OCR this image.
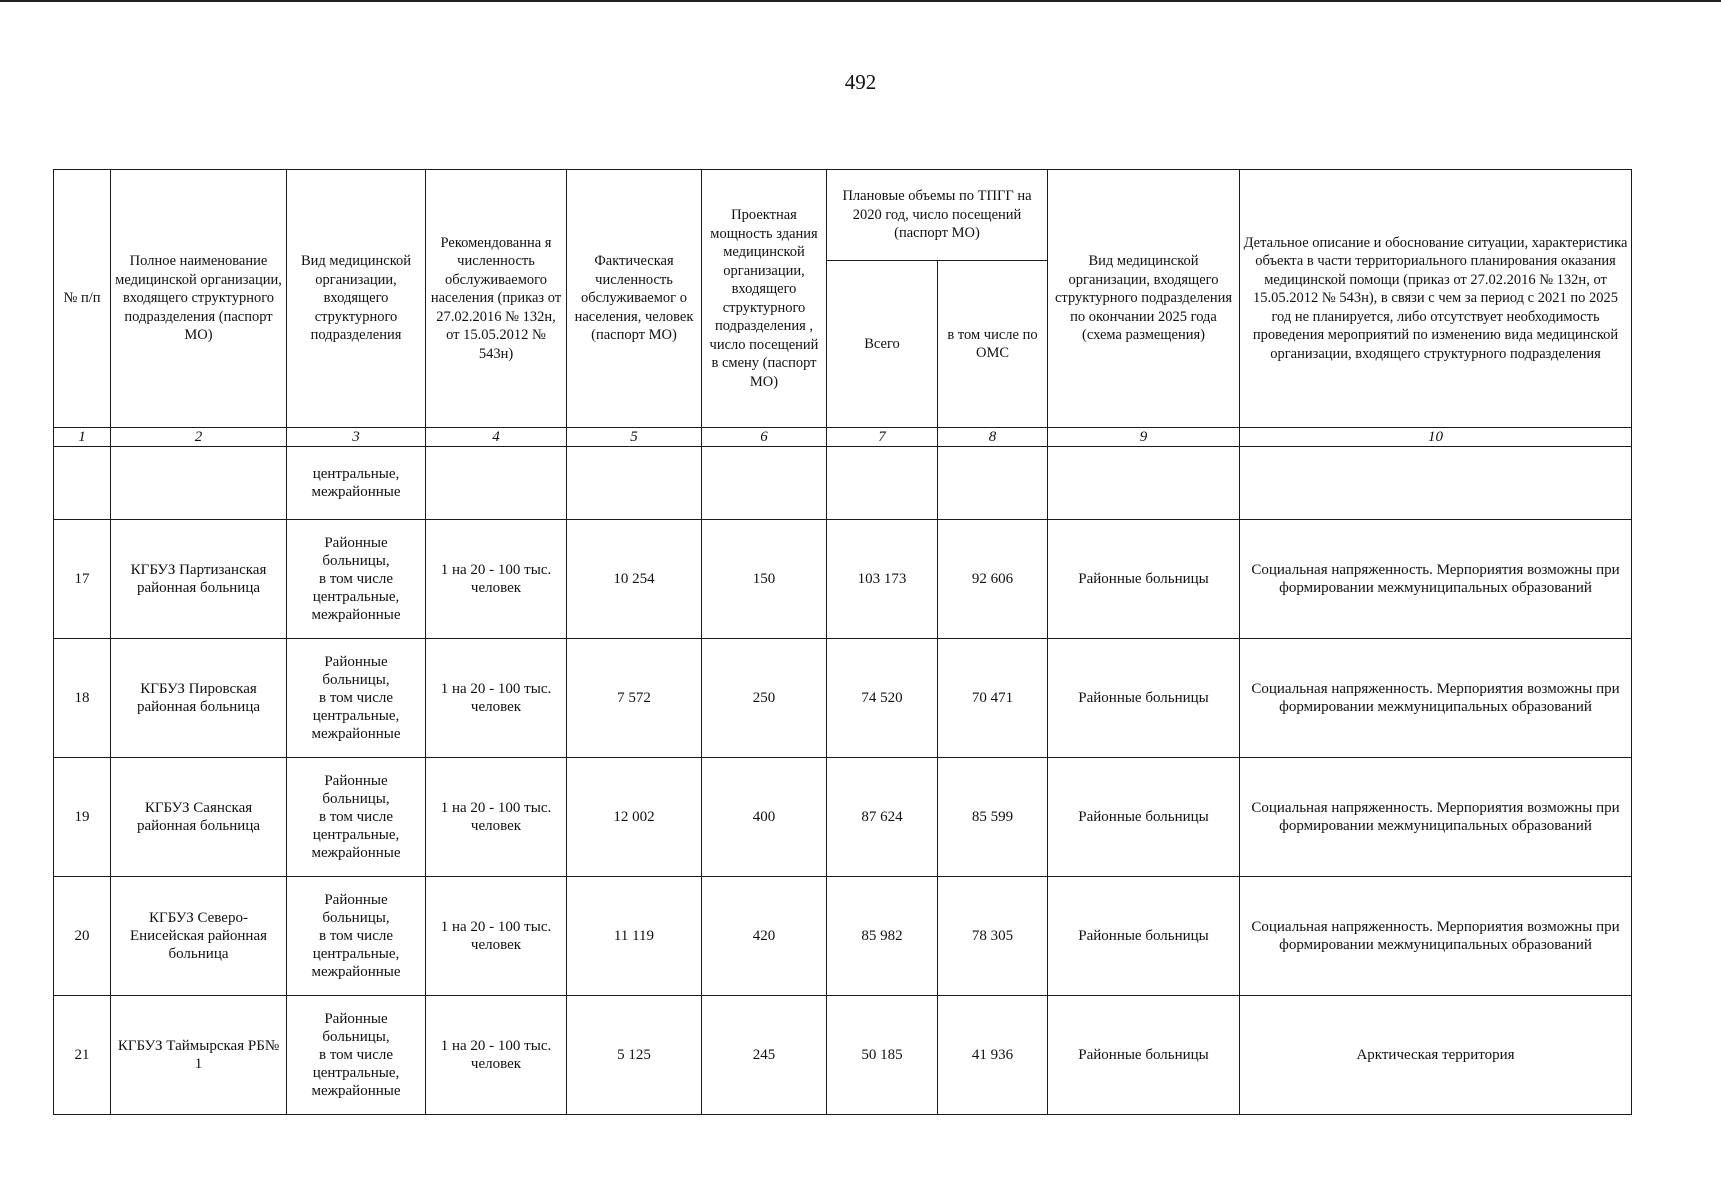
492
№ п/п	Полное наименование медицинской организации, входящего структурного подразделения (паспорт МО)	Вид медицинской организации, входящего структурного подразделения	Рекомендованна я численность обслуживаемого населения (приказ от 27.02.2016 № 132н, от 15.05.2012 № 543н)	Фактическая численность обслуживаемог о населения, человек (паспорт МО)	Проектная мощность здания медицинской организации, входящего структурного подразделения , число посещений в смену (паспорт МО)	Плановые объемы по ТПГГ на 2020 год, число посещений (паспорт МО)		Вид медицинской организации, входящего структурного подразделения по окончании 2025 года (схема размещения)	Детальное описание и обоснование ситуации, характеристика объекта в части территориального планирования оказания медицинской помощи (приказ от 27.02.2016 № 132н, от 15.05.2012 № 543н), в связи с чем за период с 2021 по 2025 год не планируется, либо отсутствует необходимость проведения мероприятий по изменению вида медицинской организации, входящего структурного подразделения
						Всего	в том числе по ОМС		
1	2	3	4	5	6	7	8	9	10

		центральные,
межрайонные							

17	КГБУЗ Партизанская районная больница	Районные
больницы,
в том числе
центральные,
межрайонные	1 на 20 - 100 тыс. человек	10 254	150	103 173	92 606	Районные больницы	Социальная напряженность. Мерпориятия возможны при формировании межмуниципальных образований
18	КГБУЗ Пировская районная больница	Районные
больницы,
в том числе
центральные,
межрайонные	1 на 20 - 100 тыс. человек	7 572	250	74 520	70 471	Районные больницы	Социальная напряженность. Мерпориятия возможны при формировании межмуниципальных образований
19	КГБУЗ Саянская районная больница	Районные
больницы,
в том числе
центральные,
межрайонные	1 на 20 - 100 тыс. человек	12 002	400	87 624	85 599	Районные больницы	Социальная напряженность. Мерпориятия возможны при формировании межмуниципальных образований
20	КГБУЗ Северо-Енисейская районная больница	Районные
больницы,
в том числе
центральные,
межрайонные	1 на 20 - 100 тыс. человек	11 119	420	85 982	78 305	Районные больницы	Социальная напряженность. Мерпориятия возможны при формировании межмуниципальных образований
21	КГБУЗ Таймырская РБ№ 1	Районные
больницы,
в том числе
центральные,
межрайонные	1 на 20 - 100 тыс. человек	5 125	245	50 185	41 936	Районные больницы	Арктическая территория
